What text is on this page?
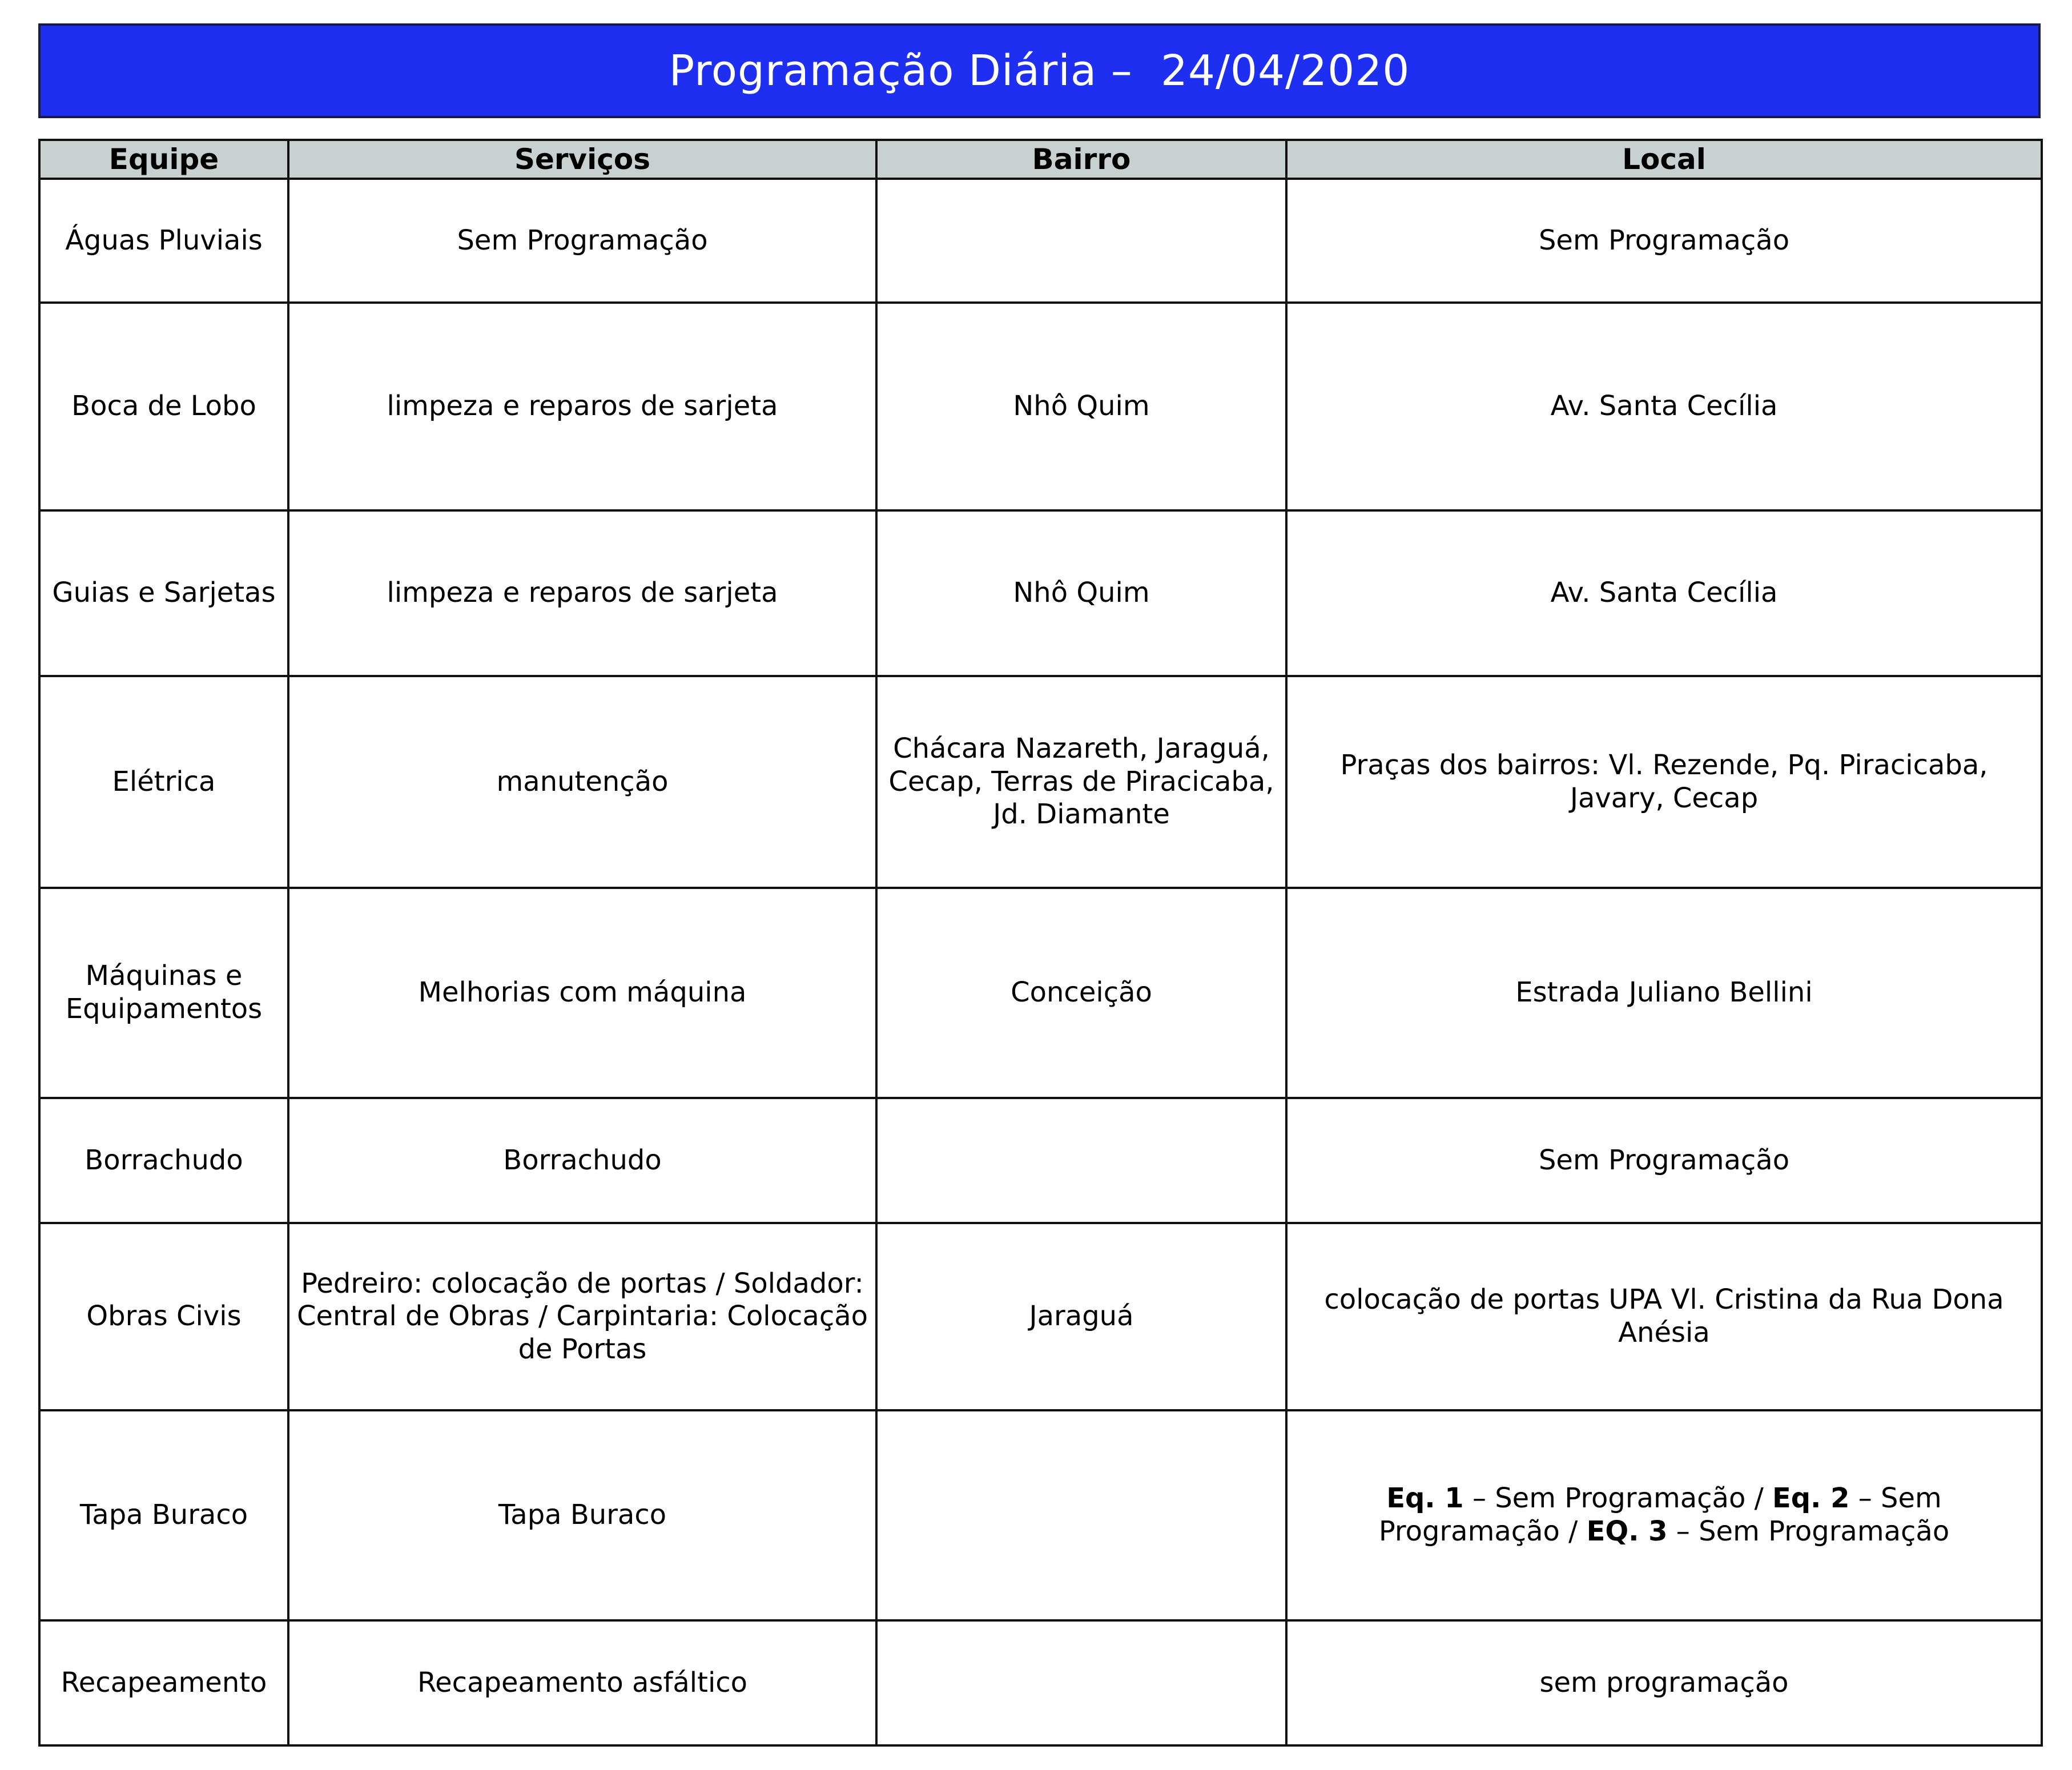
Programação Diária – 24/04/2020
Equipe	Serviços	Bairro	Local
Águas Pluviais	Sem Programação		Sem Programação
Boca de Lobo	limpeza e reparos de sarjeta	Nhô Quim	Av. Santa Cecília
Guias e Sarjetas	limpeza e reparos de sarjeta	Nhô Quim	Av. Santa Cecília
Elétrica	manutenção	Chácara Nazareth, Jaraguá, Cecap, Terras de Piracicaba, Jd. Diamante	Praças dos bairros: Vl. Rezende, Pq. Piracicaba, Javary, Cecap
Máquinas e Equipamentos	Melhorias com máquina	Conceição	Estrada Juliano Bellini
Borrachudo	Borrachudo		Sem Programação
Obras Civis	Pedreiro: colocação de portas / Soldador: Central de Obras / Carpintaria: Colocação de Portas	Jaraguá	colocação de portas UPA Vl. Cristina da Rua Dona Anésia
Tapa Buraco	Tapa Buraco		Eq. 1 – Sem Programação / Eq. 2 – Sem Programação / EQ. 3 – Sem Programação
Recapeamento	Recapeamento asfáltico		sem programação
